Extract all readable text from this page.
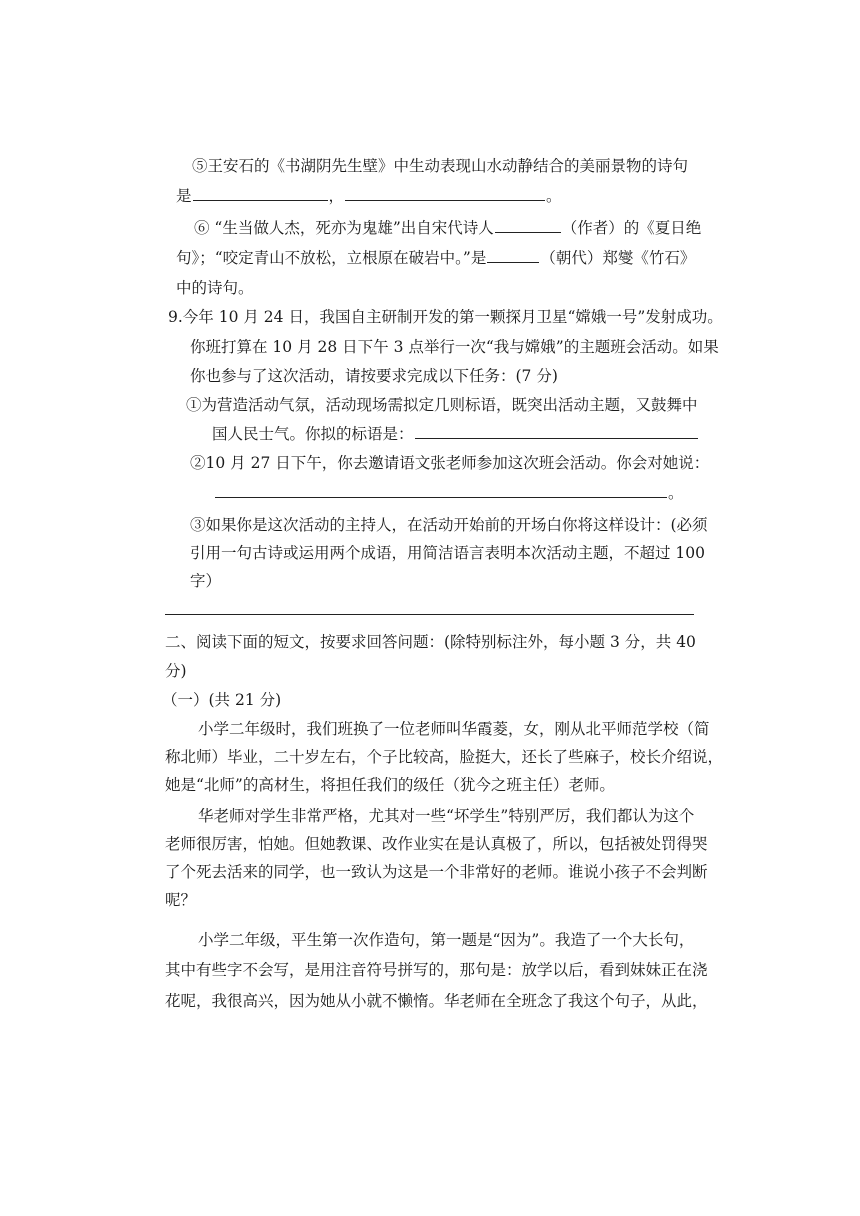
⑤王安石的《书湖阴先生壁》中生动表现山水动静结合的美丽景物的诗句
是	，	。
⑥ “生当做人杰，死亦为鬼雄”出自宋代诗人	（作者）的《夏日绝
句》；“咬定青山不放松，立根原在破岩中。”是	（朝代）郑燮《竹石》
中的诗句。
9.今年 10 月 24 日，我国自主研制开发的第一颗探月卫星“嫦娥一号”发射成功。
你班打算在 10 月 28 日下午 3 点举行一次“我与嫦娥”的主题班会活动。如果
你也参与了这次活动，请按要求完成以下任务：(7 分)
①为营造活动气氛，活动现场需拟定几则标语，既突出活动主题，又鼓舞中
国人民士气。你拟的标语是：
②10 月 27 日下午，你去邀请语文张老师参加这次班会活动。你会对她说：
。
③如果你是这次活动的主持人，在活动开始前的开场白你将这样设计：(必须
引用一句古诗或运用两个成语，用简洁语言表明本次活动主题，不超过 100
字）
二、阅读下面的短文，按要求回答问题：(除特别标注外，每小题 3 分，共 40
分)
（一）(共 21 分)
小学二年级时，我们班换了一位老师叫华霞菱，女，刚从北平师范学校（简
称北师）毕业，二十岁左右，个子比较高，脸挺大，还长了些麻子，校长介绍说，
她是“北师”的高材生，将担任我们的级任（犹今之班主任）老师。
华老师对学生非常严格，尤其对一些“坏学生”特别严厉，我们都认为这个
老师很厉害，怕她。但她教课、改作业实在是认真极了，所以，包括被处罚得哭
了个死去活来的同学，也一致认为这是一个非常好的老师。谁说小孩子不会判断
呢？
小学二年级，平生第一次作造句，第一题是“因为”。我造了一个大长句，
其中有些字不会写，是用注音符号拼写的，那句是：放学以后，看到妹妹正在浇
花呢，我很高兴，因为她从小就不懒惰。华老师在全班念了我这个句子，从此，
